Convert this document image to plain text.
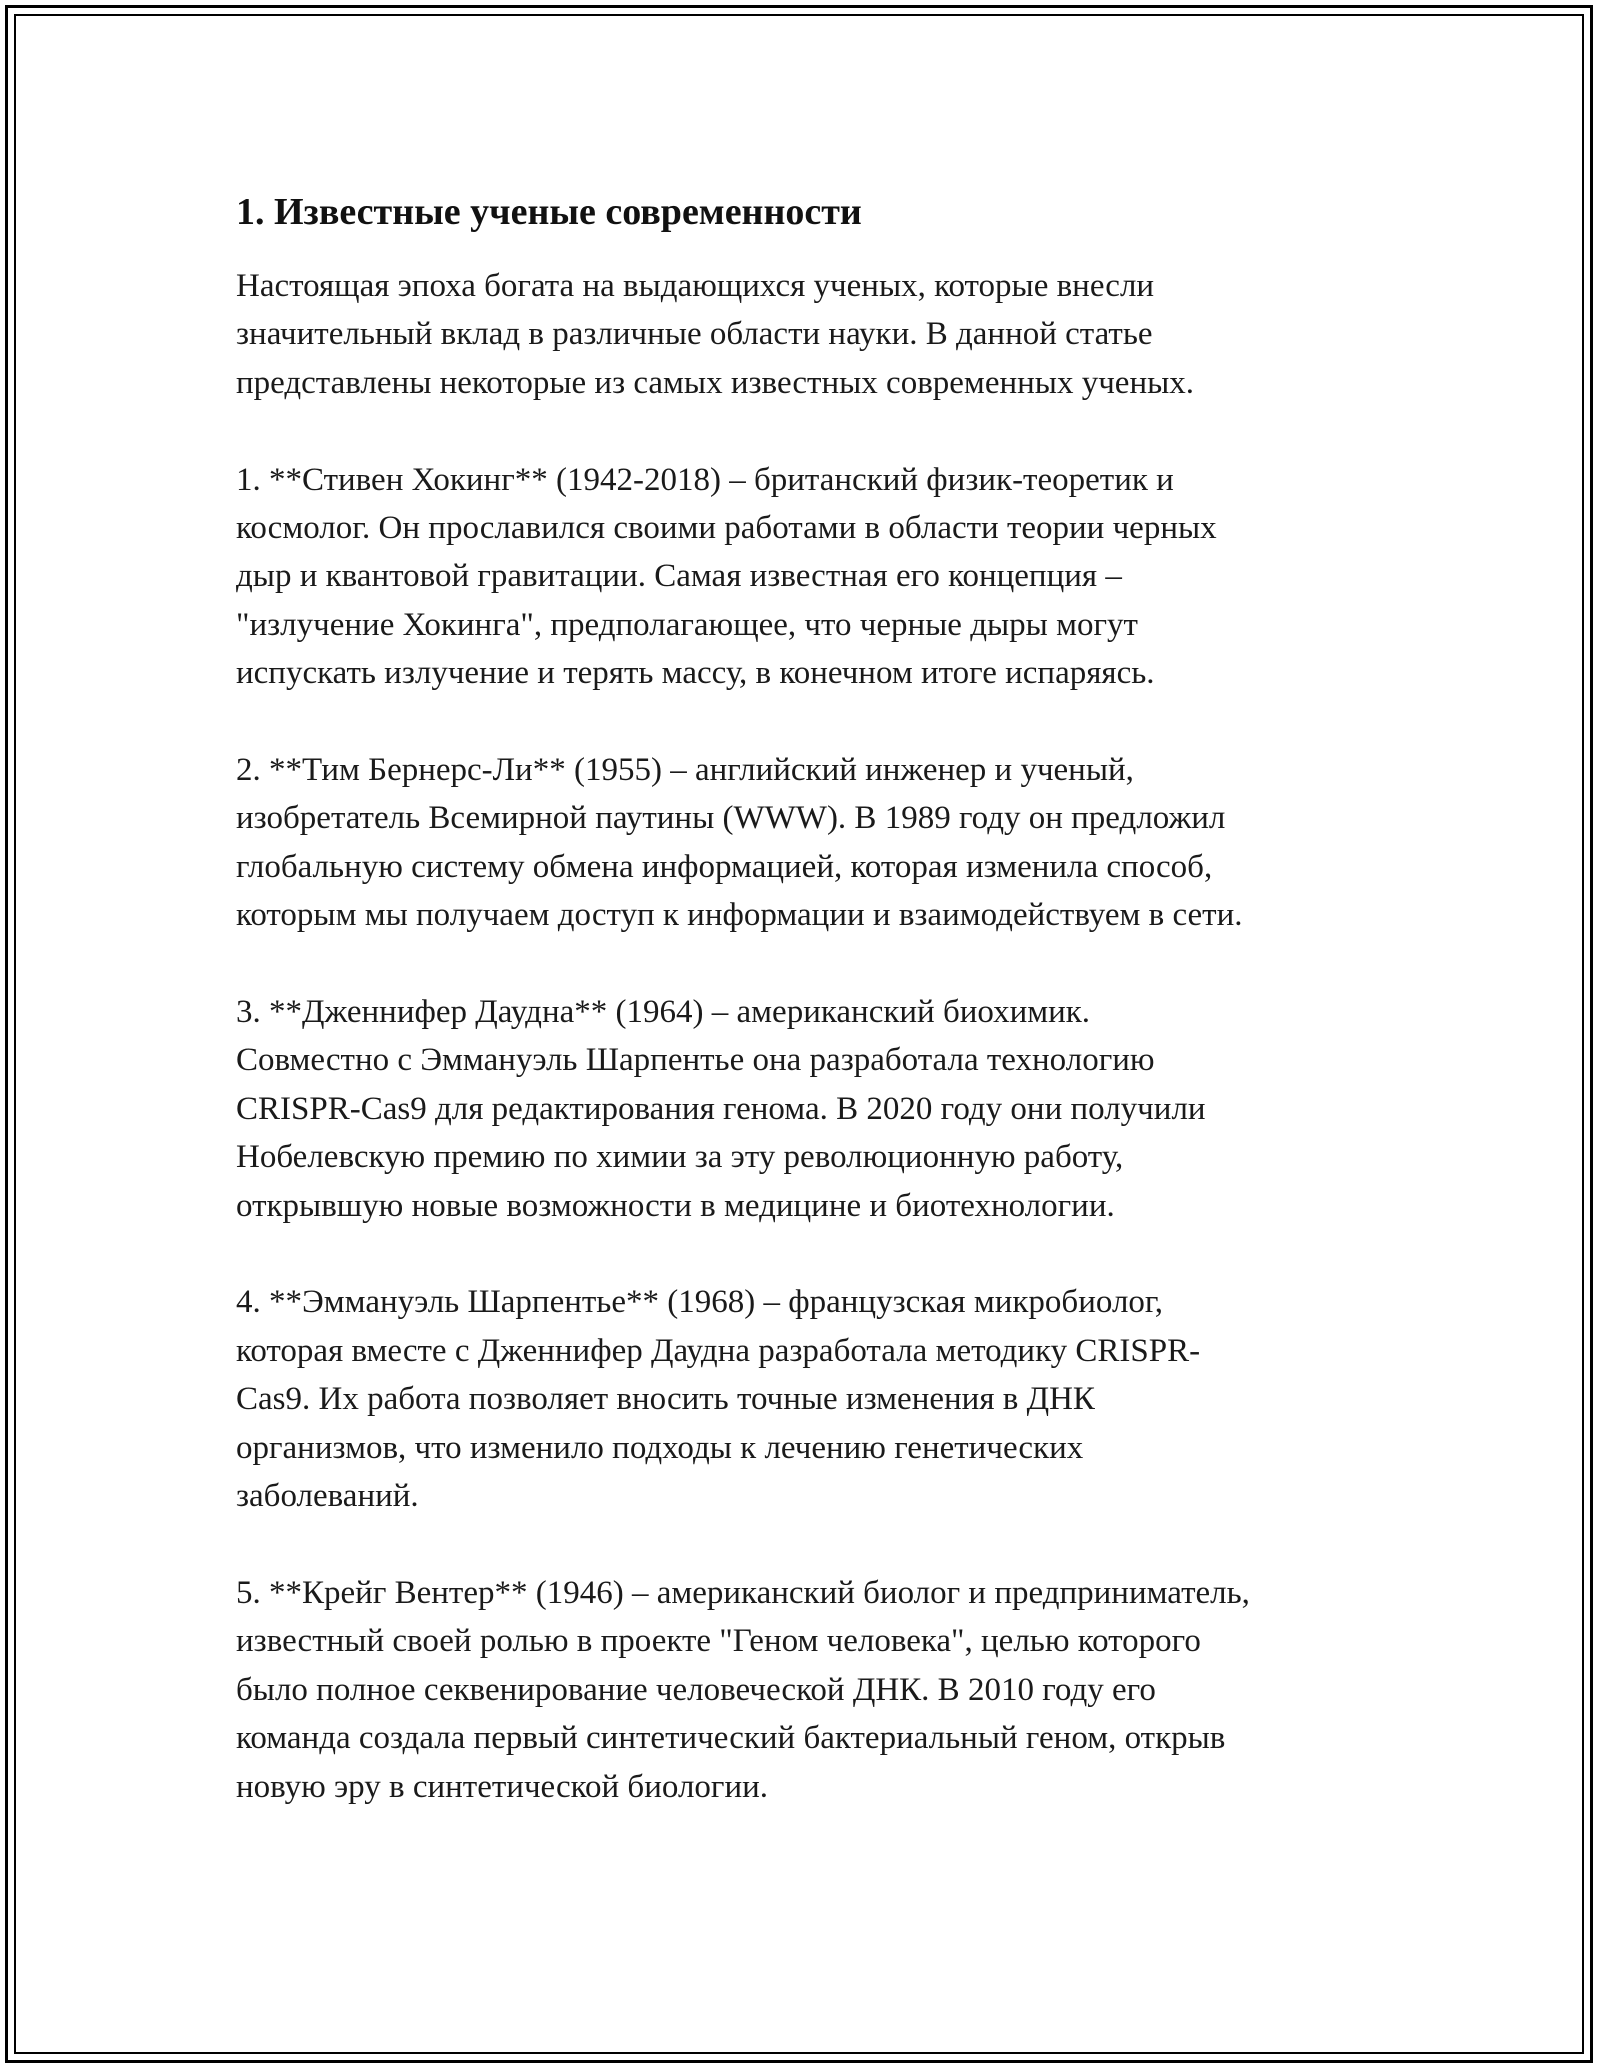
1. Известные ученые современности
Настоящая эпоха богата на выдающихся ученых, которые внесли
значительный вклад в различные области науки. В данной статье
представлены некоторые из самых известных современных ученых.
1. **Стивен Хокинг** (1942-2018) – британский физик-теоретик и
космолог. Он прославился своими работами в области теории черных
дыр и квантовой гравитации. Самая известная его концепция –
"излучение Хокинга", предполагающее, что черные дыры могут
испускать излучение и терять массу, в конечном итоге испаряясь.
2. **Тим Бернерс-Ли** (1955) – английский инженер и ученый,
изобретатель Всемирной паутины (WWW). В 1989 году он предложил
глобальную систему обмена информацией, которая изменила способ,
которым мы получаем доступ к информации и взаимодействуем в сети.
3. **Дженнифер Даудна** (1964) – американский биохимик.
Совместно с Эммануэль Шарпентье она разработала технологию
CRISPR-Cas9 для редактирования генома. В 2020 году они получили
Нобелевскую премию по химии за эту революционную работу,
открывшую новые возможности в медицине и биотехнологии.
4. **Эммануэль Шарпентье** (1968) – французская микробиолог,
которая вместе с Дженнифер Даудна разработала методику CRISPR-
Cas9. Их работа позволяет вносить точные изменения в ДНК
организмов, что изменило подходы к лечению генетических
заболеваний.
5. **Крейг Вентер** (1946) – американский биолог и предприниматель,
известный своей ролью в проекте "Геном человека", целью которого
было полное секвенирование человеческой ДНК. В 2010 году его
команда создала первый синтетический бактериальный геном, открыв
новую эру в синтетической биологии.
